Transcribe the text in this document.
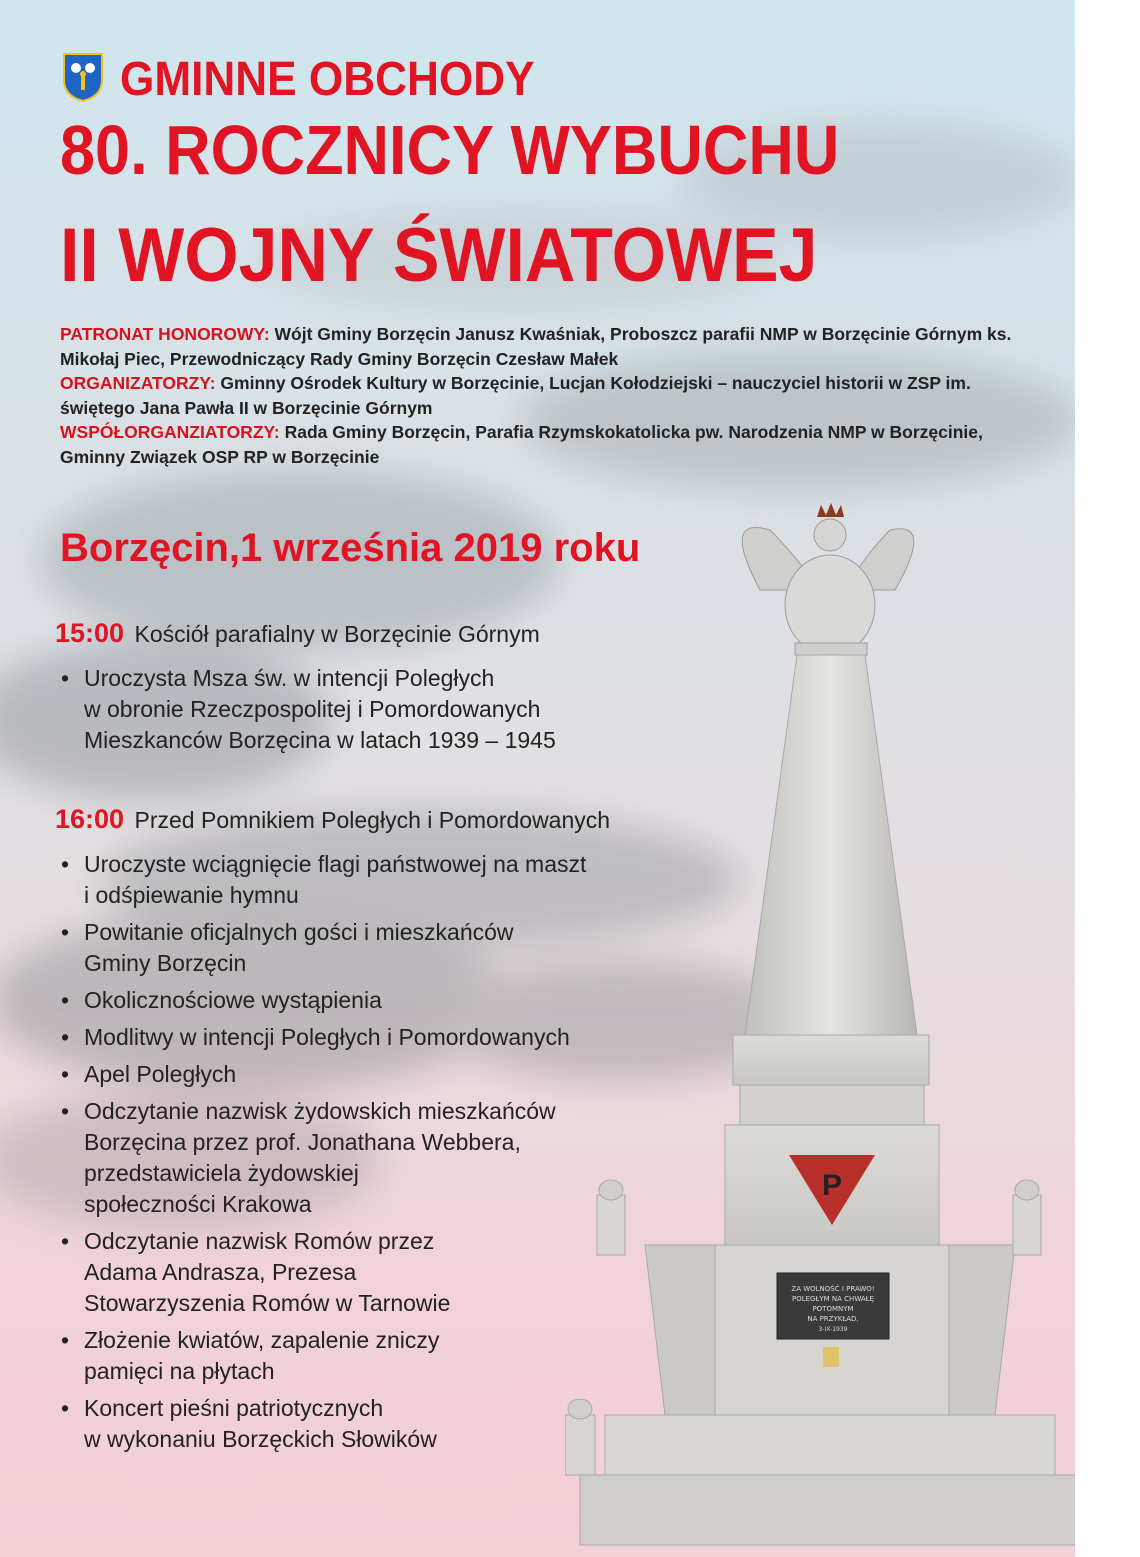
GMINNE OBCHODY
80. ROCZNICY WYBUCHU
II WOJNY ŚWIATOWEJ
PATRONAT HONOROWY: Wójt Gminy Borzęcin Janusz Kwaśniak, Proboszcz parafii NMP w Borzęcinie Górnym ks. Mikołaj Piec, Przewodniczący Rady Gminy Borzęcin Czesław Małek
ORGANIZATORZY: Gminny Ośrodek Kultury w Borzęcinie, Lucjan Kołodziejski – nauczyciel historii w ZSP im. świętego Jana Pawła II w Borzęcinie Górnym
WSPÓŁORGANZIATORZY: Rada Gminy Borzęcin, Parafia Rzymskokatolicka pw. Narodzenia NMP w Borzęcinie, Gminny Związek OSP RP w Borzęcinie
Borzęcin,1 września 2019 roku
15:00 Kościół parafialny w Borzęcinie Górnym
• Uroczysta Msza św. w intencji Poległych
w obronie Rzeczpospolitej i Pomordowanych
Mieszkanców Borzęcina w latach 1939 – 1945
16:00 Przed Pomnikiem Poległych i Pomordowanych
• Uroczyste wciągnięcie flagi państwowej na maszt
i odśpiewanie hymnu
• Powitanie oficjalnych gości i mieszkańców
Gminy Borzęcin
• Okolicznościowe wystąpienia
• Modlitwy w intencji Poległych i Pomordowanych
• Apel Poległych
• Odczytanie nazwisk żydowskich mieszkańców
Borzęcina przez prof. Jonathana Webbera,
przedstawiciela żydowskiej
społeczności Krakowa
• Odczytanie nazwisk Romów przez
Adama Andrasza, Prezesa
Stowarzyszenia Romów w Tarnowie
• Złożenie kwiatów, zapalenie zniczy
pamięci na płytach
• Koncert pieśni patriotycznych
w wykonaniu Borzęckich Słowików
P
ZA WOLNOŚĆ I PRAWO!
POLEGŁYM NA CHWAŁĘ
POTOMNYM
NA PRZYKŁAD.
3-IX-1939
